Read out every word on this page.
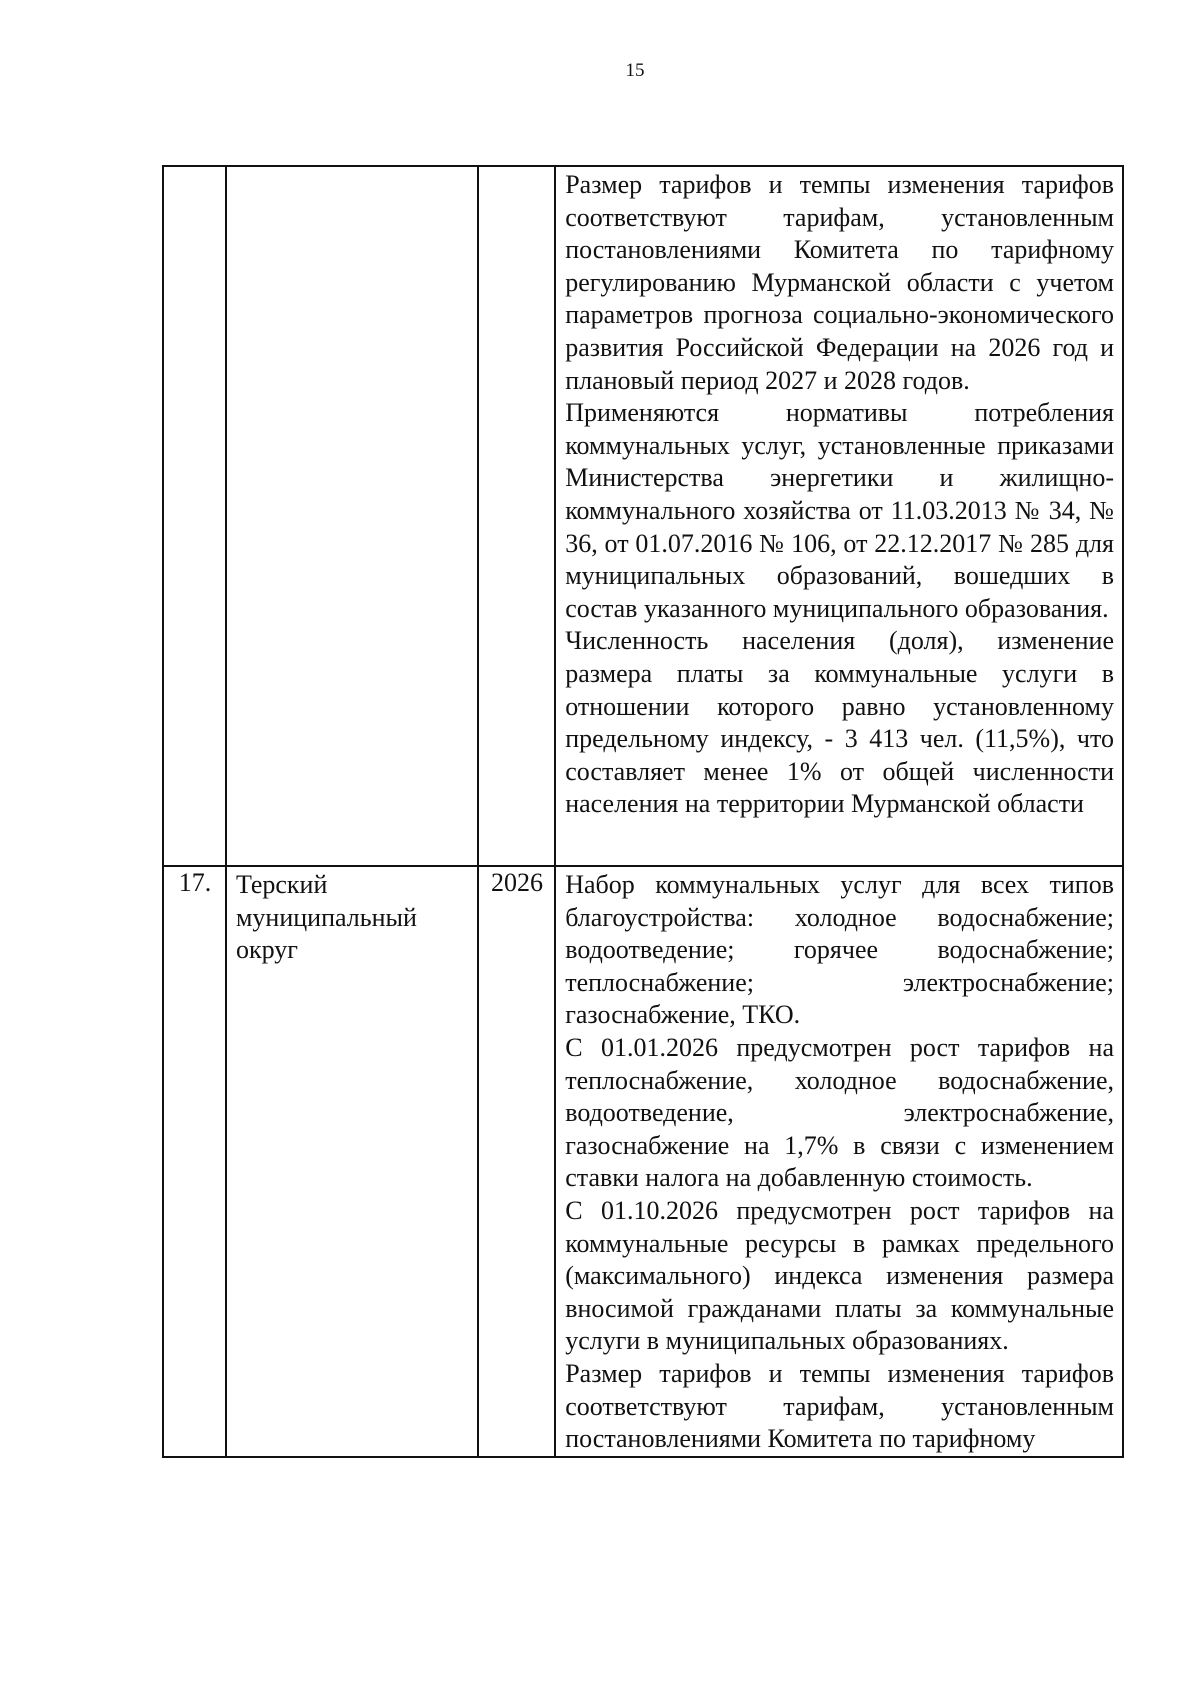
15

			Размер тарифов и темпы изменения тарифов соответствуют тарифам, установленным постановлениями Комитета по тарифному регулированию Мурманской области с учетом параметров прогноза социально-экономического развития Российской Федерации на 2026 год и плановый период 2027 и 2028 годов.

Применяются нормативы потребления коммунальных услуг, установленные приказами Министерства энергетики и жилищно-коммунального хозяйства от 11.03.2013 № 34, № 36, от 01.07.2016 № 106, от 22.12.2017 № 285 для муниципальных образований, вошедших в состав указанного муниципального образования.

Численность населения (доля), изменение размера платы за коммунальные услуги в отношении которого равно установленному предельному индексу, - 3 413 чел. (11,5%), что составляет менее 1% от общей численности населения на территории Мурманской области

17.	Терский муниципальный округ	2026	Набор коммунальных услуг для всех типов благоустройства: холодное водоснабжение; водоотведение; горячее водоснабжение; теплоснабжение; электроснабжение; газоснабжение, ТКО.

С 01.01.2026 предусмотрен рост тарифов на теплоснабжение, холодное водоснабжение, водоотведение, электроснабжение, газоснабжение на 1,7% в связи с изменением ставки налога на добавленную стоимость.

С 01.10.2026 предусмотрен рост тарифов на коммунальные ресурсы в рамках предельного (максимального) индекса изменения размера вносимой гражданами платы за коммунальные услуги в муниципальных образованиях.

Размер тарифов и темпы изменения тарифов соответствуют тарифам, установленным постановлениями Комитета по тарифному
